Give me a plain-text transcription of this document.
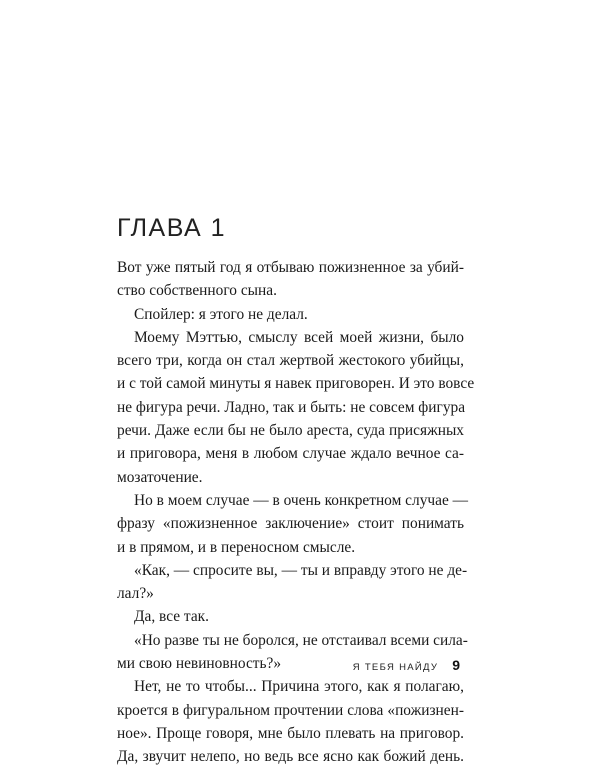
ГЛАВА 1
Вот уже пятый год я отбываю пожизненное за убий-
ство собственного сына.
Спойлер: я этого не делал.
Моему Мэттью, смыслу всей моей жизни, было
всего три, когда он стал жертвой жестокого убийцы,
и с той самой минуты я навек приговорен. И это вовсе
не фигура речи. Ладно, так и быть: не совсем фигура
речи. Даже если бы не было ареста, суда присяжных
и приговора, меня в любом случае ждало вечное са-
мозаточение.
Но в моем случае — в очень конкретном случае —
фразу «пожизненное заключение» стоит понимать
и в прямом, и в переносном смысле.
«Как, — спросите вы, — ты и вправду этого не де-
лал?»
Да, все так.
«Но разве ты не боролся, не отстаивал всеми сила-
ми свою невиновность?»
Нет, не то чтобы... Причина этого, как я полагаю,
кроется в фигуральном прочтении слова «пожизнен-
ное». Проще говоря, мне было плевать на приговор.
Да, звучит нелепо, но ведь все ясно как божий день.
Я ТЕБЯ НАЙДУ 9
